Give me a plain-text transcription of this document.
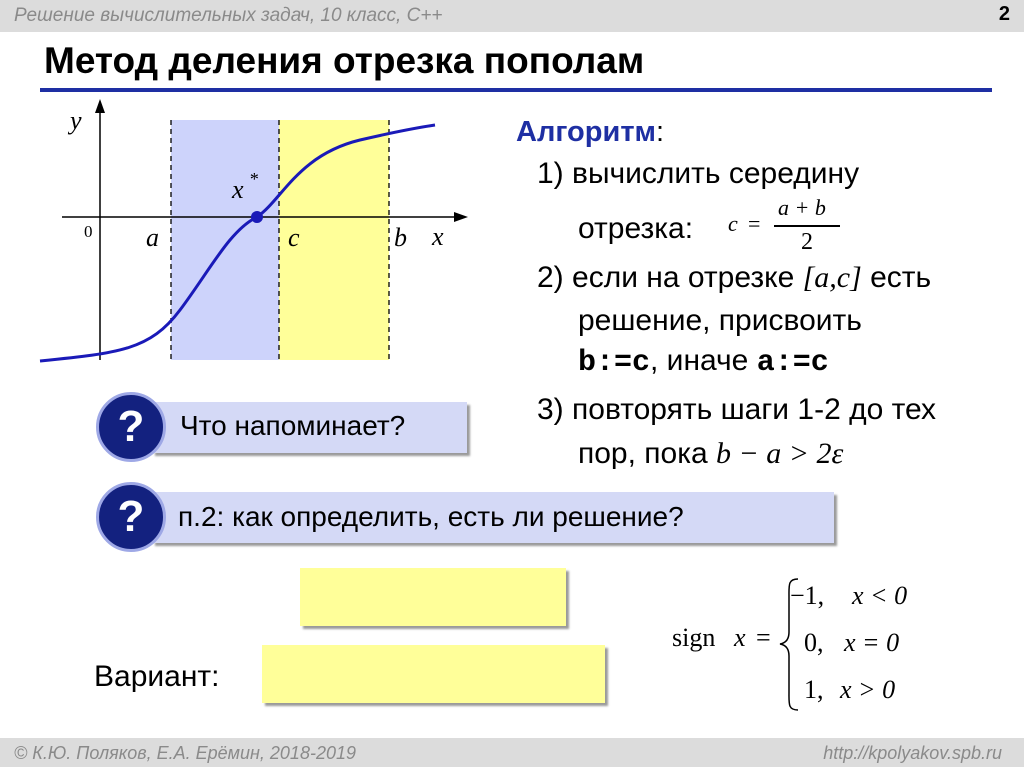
Решение вычислительных задач, 10 класс, С++	2
Метод деления отрезка пополам
y
x
0 a	c	b
x *
Алгоритм:
1) вычислить середину
отрезка: c =
a + b
2
2) если на отрезке [a,c] есть
решение, присвоить
b:=c, иначе a:=c
3) повторять шаги 1-2 до тех
пор, пока b − a > 2ε
Что напоминает?
?
п.2: как определить, есть ли решение?
?
Вариант:
sign x =
−1, x < 0
0, x = 0
1, x > 0
© К.Ю. Поляков, Е.А. Ерёмин, 2018-2019	http://kpolyakov.spb.ru
